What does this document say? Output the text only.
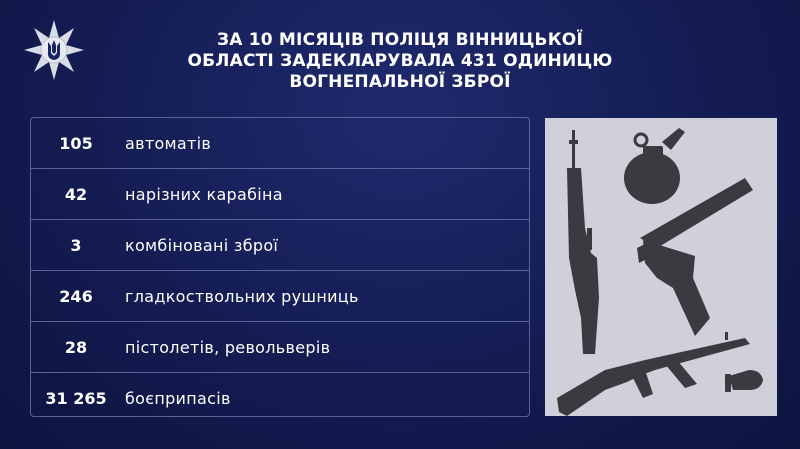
ЗА 10 МІСЯЦІВ ПОЛІЦЯ ВІННИЦЬКОЇ
ОБЛАСТІ ЗАДЕКЛАРУВАЛА 431 ОДИНИЦЮ
ВОГНЕПАЛЬНОЇ ЗБРОЇ
105 автоматів
42 нарізних карабіна
3	комбіновані зброї
246 гладкоствольних рушниць
28 пістолетів, револьверів
31 265 боєприпасів
